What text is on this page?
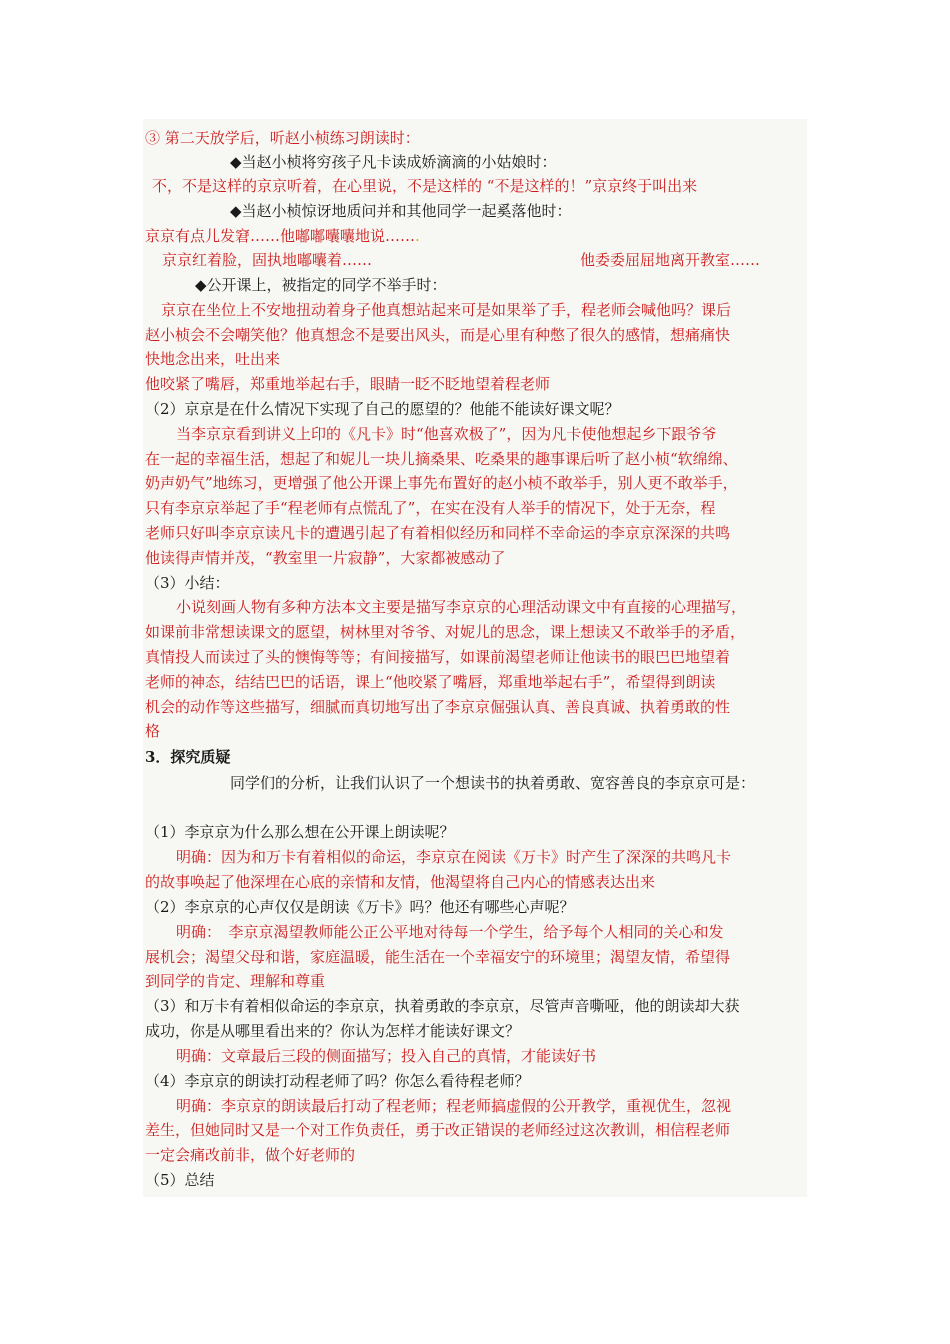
③ 第二天放学后，听赵小桢练习朗读时：
◆当赵小桢将穷孩子凡卡读成娇滴滴的小姑娘时：
不，不是这样的京京听着，在心里说，不是这样的 “不是这样的！”京京终于叫出来
◆当赵小桢惊讶地质问并和其他同学一起奚落他时：
京京有点儿发窘……他嘟嘟囔囔地说…….
京京红着脸，固执地嘟囔着……	他委委屈屈地离开教室……
◆公开课上，被指定的同学不举手时：
京京在坐位上不安地扭动着身子他真想站起来可是如果举了手，程老师会喊他吗？课后
赵小桢会不会嘲笑他？他真想念不是要出风头，而是心里有种憋了很久的感情，想痛痛快
快地念出来，吐出来
他咬紧了嘴唇，郑重地举起右手，眼睛一眨不眨地望着程老师
（2）京京是在什么情况下实现了自己的愿望的？他能不能读好课文呢？
当李京京看到讲义上印的《凡卡》时“他喜欢极了”，因为凡卡使他想起乡下跟爷爷
在一起的幸福生活，想起了和妮儿一块儿摘桑果、吃桑果的趣事课后听了赵小桢“软绵绵、
奶声奶气”地练习，更增强了他公开课上事先布置好的赵小桢不敢举手，别人更不敢举手，
只有李京京举起了手“程老师有点慌乱了”，在实在没有人举手的情况下，处于无奈，程
老师只好叫李京京读凡卡的遭遇引起了有着相似经历和同样不幸命运的李京京深深的共鸣
他读得声情并茂，“教室里一片寂静”，大家都被感动了
（3）小结：
小说刻画人物有多种方法本文主要是描写李京京的心理活动课文中有直接的心理描写，
如课前非常想读课文的愿望，树林里对爷爷、对妮儿的思念，课上想读又不敢举手的矛盾，
真情投人而读过了头的懊悔等等；有间接描写，如课前渴望老师让他读书的眼巴巴地望着
老师的神态，结结巴巴的话语，课上“他咬紧了嘴唇，郑重地举起右手”，希望得到朗读
机会的动作等这些描写，细腻而真切地写出了李京京倔强认真、善良真诚、执着勇敢的性
格
3．探究质疑
同学们的分析，让我们认识了一个想读书的执着勇敢、宽容善良的李京京可是：
（1）李京京为什么那么想在公开课上朗读呢？
明确：因为和万卡有着相似的命运，李京京在阅读《万卡》时产生了深深的共鸣凡卡
的故事唤起了他深埋在心底的亲情和友情，他渴望将自己内心的情感表达出来
（2）李京京的心声仅仅是朗读《万卡》吗？他还有哪些心声呢？
明确：　李京京渴望教师能公正公平地对待每一个学生，给予每个人相同的关心和发
展机会；渴望父母和谐，家庭温暖，能生活在一个幸福安宁的环境里；渴望友情，希望得
到同学的肯定、理解和尊重
（3）和万卡有着相似命运的李京京，执着勇敢的李京京，尽管声音嘶哑，他的朗读却大获
成功，你是从哪里看出来的？你认为怎样才能读好课文？
明确：文章最后三段的侧面描写；投入自己的真情，才能读好书
（4）李京京的朗读打动程老师了吗？你怎么看待程老师？
明确：李京京的朗读最后打动了程老师；程老师搞虚假的公开教学，重视优生，忽视
差生，但她同时又是一个对工作负责任，勇于改正错误的老师经过这次教训，相信程老师
一定会痛改前非，做个好老师的
（5）总结
